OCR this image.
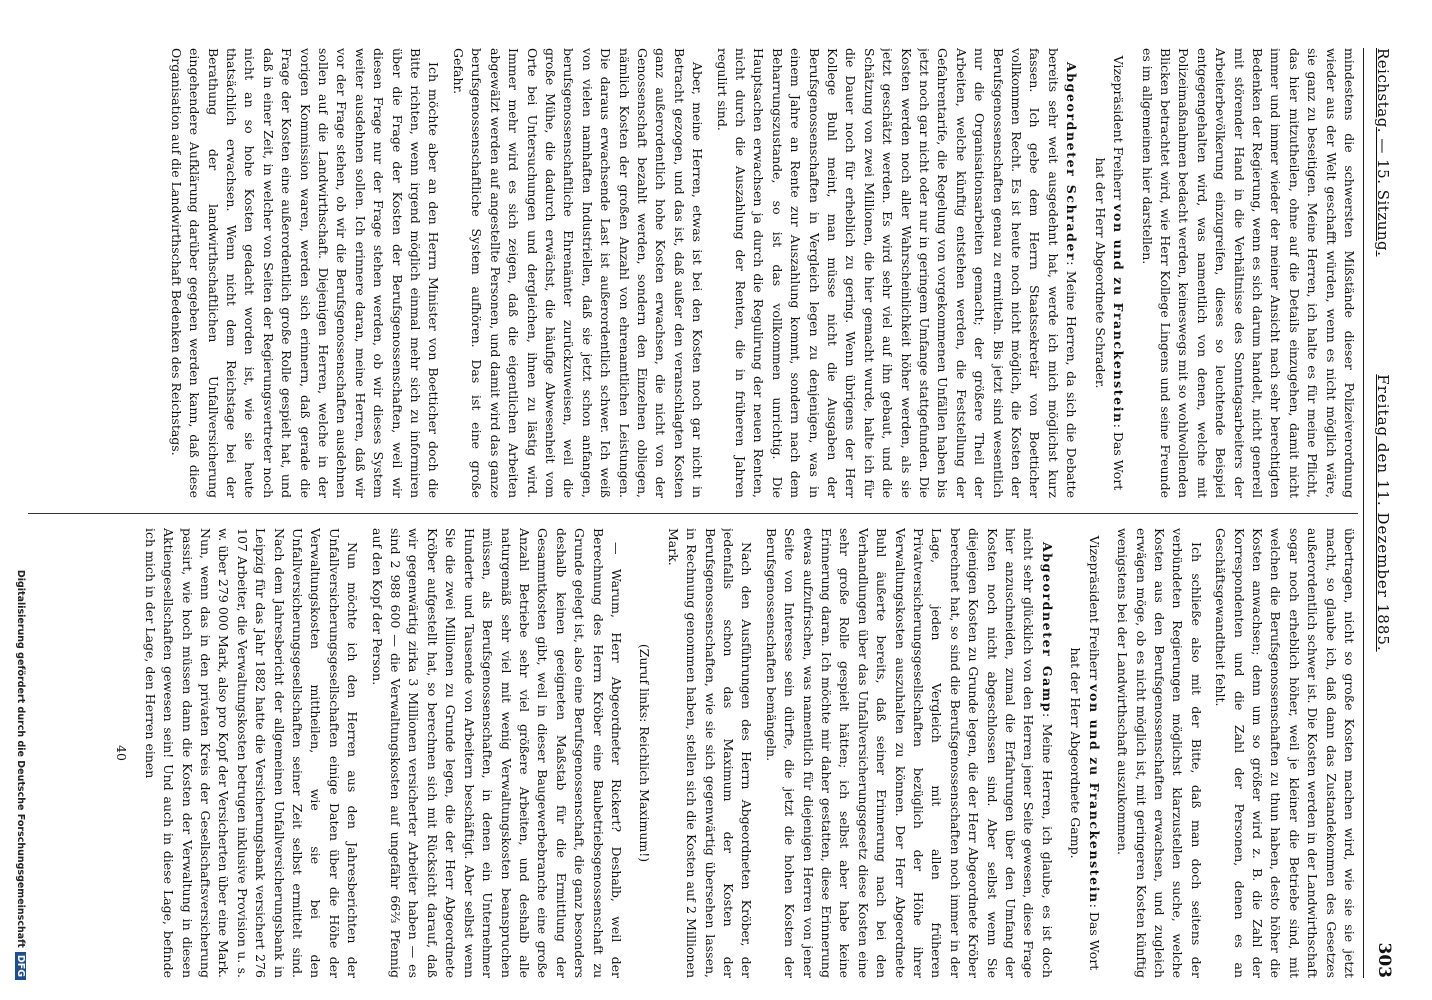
Reichstag. — 15. Sitzung.
Freitag den 11. Dezember 1885.
303

mindestens die schwersten Mißstände dieser Polizeiverordnung wieder aus der Welt geschafft würden, wenn es nicht möglich wäre, sie ganz zu beseitigen. Meine Herren, ich halte es für meine Pflicht, das hier mitzutheilen, ohne auf die Details einzugehen, damit nicht immer und immer wieder der meiner Ansicht nach sehr berechtigten Bedenken der Regierung, wenn es sich darum handelt, nicht generell mit störender Hand in die Verhältnisse des Sonntagsarbeiters der Arbeiterbevölkerung einzugreifen, dieses so leuchtende Beispiel entgegengehalten wird, was namentlich von denen, welche mit Polizeimaßnahmen bedacht werden, keineswegs mit so wohlwollenden Blicken betrachtet wird, wie Herr Kollege Lingens und seine Freunde es im allgemeinen hier darstellen.

Vizepräsident Freiherr von und zu Franckenstein: Das Wort hat der Herr Abgeordnete Schrader.

Abgeordneter Schrader: Meine Herren, da sich die Debatte bereits sehr weit ausgedehnt hat, werde ich mich möglichst kurz fassen. Ich gebe dem Herrn Staatssekretär von Boetticher vollkommen Recht. Es ist heute noch nicht möglich, die Kosten der Berufsgenossenschaften genau zu ermitteln. Bis jetzt sind wesentlich nur die Organisationsarbeiten gemacht; der größere Theil der Arbeiten, welche künftig entstehen werden, die Feststellung der Gefahrentarife, die Regelung von vorgekommenen Unfällen haben bis jetzt noch gar nicht oder nur in geringem Umfange stattgefunden. Die Kosten werden noch aller Wahrscheinlichkeit höher werden, als sie jetzt geschätzt werden. Es wird sehr viel auf ihn gebaut, und die Schätzung von zwei Millionen, die hier gemacht wurde, halte ich für die Dauer noch für erheblich zu gering. Wenn übrigens der Herr Kollege Buhl meint, man müsse nicht die Ausgaben der Berufsgenossenschaften in Vergleich legen zu denjenigen, was in einem Jahre an Rente zur Auszahlung kommt, sondern nach dem Beharrungszustande, so ist das vollkommen unrichtig. Die Hauptsachen erwachsen ja durch die Regulirung der neuen Renten, nicht durch die Auszahlung der Renten, die in früheren Jahren regulirt sind.

Aber, meine Herren, etwas ist bei den Kosten noch gar nicht in Betracht gezogen, und das ist, daß außer den veranschlagten Kosten ganz außerordentlich hohe Kosten erwachsen, die nicht von der Genossenschaft bezahlt werden, sondern den Einzelnen obliegen, nämlich Kosten der großen Anzahl von ehrenamtlichen Leistungen. Die daraus erwachsende Last ist außerordentlich schwer. Ich weiß von vielen namhaften Industriellen, daß sie jetzt schon anfangen, berufsgenossenschaftliche Ehrenämter zurückzuweisen, weil die große Mühe, die dadurch erwächst, die häufige Abwesenheit vom Orte bei Untersuchungen und dergleichen, ihnen zu lästig wird. Immer mehr wird es sich zeigen, daß die eigentlichen Arbeiten abgewälzt werden auf angestellte Personen, und damit wird das ganze berufsgenossenschaftliche System aufhören. Das ist eine große Gefahr.

Ich möchte aber an den Herrn Minister von Boetticher doch die Bitte richten, wenn irgend möglich einmal mehr sich zu informiren über die Frage der Kosten der Berufsgenossenschaften, weil wir diesen Frage nur der Frage stehen werden, ob wir dieses System weiter ausdehnen sollen. Ich erinnere daran, meine Herren, daß wir vor der Frage stehen, ob wir die Berufsgenossenschaften ausdehnen sollen auf die Landwirthschaft. Diejenigen Herren, welche in der vorigen Kommission waren, werden sich erinnern, daß gerade die Frage der Kosten eine außerordentlich große Rolle gespielt hat, und daß in einer Zeit, in welcher von Seiten der Regierungsvertreter noch nicht an so hohe Kosten gedacht worden ist, wie sie heute thatsächlich erwachsen. Wenn nicht dem Reichstage bei der Berathung der landwirthschaftlichen Unfallversicherung eingehendere Aufklärung darüber gegeben werden kann, daß diese Organisation auf die Landwirthschaft Bedenken des Reichstags.

übertragen, nicht so große Kosten machen wird, wie sie sie jetzt macht, so glaube ich, daß dann das Zustandekommen des Gesetzes außerordentlich schwer ist. Die Kosten werden in der Landwirthschaft sogar noch erheblich höher, weil je kleiner die Betriebe sind, mit welchen die Berufsgenossenschaften zu thun haben, desto höher die Kosten anwachsen; denn um so größer wird z. B. die Zahl der Korrespondenten und die Zahl der Personen, denen es an Geschäftsgewandtheit fehlt.

Ich schließe also mit der Bitte, daß man doch seitens der verbündeten Regierungen möglichst klarzustellen suche, welche Kosten aus den Berufsgenossenschaften erwachsen, und zugleich erwägen möge, ob es nicht möglich ist, mit geringeren Kosten künftig wenigstens bei der Landwirthschaft auszukommen.

Vizepräsident Freiherr von und zu Franckenstein: Das Wort hat der Herr Abgeordnete Gamp.

Abgeordneter Gamp: Meine Herren, ich glaube, es ist doch nicht sehr glücklich von den Herren jener Seite gewesen, diese Frage hier anzuschneiden, zumal die Erfahrungen über den Umfang der Kosten noch nicht abgeschlossen sind. Aber selbst wenn Sie diejenigen Kosten zu Grunde legen, die der Herr Abgeordnete Kröber berechnet hat, so sind die Berufsgenossenschaften noch immer in der Lage, jeden Vergleich mit allen früheren Privatversicherungsgesellschaften bezüglich der Höhe ihrer Verwaltungskosten auszuhalten zu können. Der Herr Abgeordnete Buhl äußerte bereits, daß seiner Erinnerung nach bei den Verhandlungen über das Unfallversicherungsgesetz diese Kosten eine sehr große Rolle gespielt hätten; ich selbst aber habe keine Erinnerung daran. Ich möchte mir daher gestatten, diese Erinnerung etwas aufzufrischen, was namentlich für diejenigen Herren von jener Seite von Interesse sein dürfte, die jetzt die hohen Kosten der Berufsgenossenschaften bemängeln.

Nach den Ausführungen des Herrn Abgeordneten Kröber, der jedenfalls schon das Maximum der Kosten der Berufsgenossenschaften, wie sie sich gegenwärtig übersehen lassen, in Rechnung genommen haben, stellen sich die Kosten auf 2 Millionen Mark.

(Zuruf links: Reichlich Maximum!)

— Warum, Herr Abgeordneter Rickert? Deshalb, weil der Berechnung des Herrn Kröber eine Baubetriebsgenossenschaft zu Grunde gelegt ist, also eine Berufsgenossenschaft, die ganz besonders deshalb keinen geeigneten Maßstab für die Ermittlung der Gesammtkosten gibt, weil in dieser Baugewerbebranche eine große Anzahl Betriebe sehr viel größere Arbeiten, und deshalb alle naturgemäß sehr viel mit wenig Verwaltungskosten beanspruchen müssen, als Berufsgenossenschaften, in denen ein Unternehmer Hunderte und Tausende von Arbeitern beschäftigt. Aber selbst wenn Sie die zwei Millionen zu Grunde legen, die der Herr Abgeordnete Kröber aufgestellt hat, so berechnen sich mit Rücksicht darauf, daß wir gegenwärtig zirka 3 Millionen versicherter Arbeiter haben — es sind 2 988 600 — die Verwaltungskosten auf ungefähr 66⅔ Pfennig auf den Kopf der Person.

Nun möchte ich den Herren aus den Jahresberichten der Unfallversicherungsgesellschaften einige Daten über die Höhe der Verwaltungskosten mittheilen, wie sie bei den Unfallversicherungsgesellschaften seiner Zeit selbst ermittelt sind. Nach dem Jahresbericht der allgemeinen Unfallversicherungsbank in Leipzig für das Jahr 1882 hatte die Versicherungsbank versichert 276 107 Arbeiter, die Verwaltungskosten betrugen inklusive Provision u. s. w. über 279 000 Mark, also pro Kopf der Versicherten über eine Mark. Nun, wenn das in den privaten Kreis der Gesellschaftsversicherung passirt, wie hoch müssen dann die Kosten der Verwaltung in diesen Aktiengesellschaften gewesen sein! Und auch in diese Lage, befinde ich mich in der Lage, den Herren einen

40

Digitalisierung gefördert durch die Deutsche ForschungsgemeinschaftDFG
